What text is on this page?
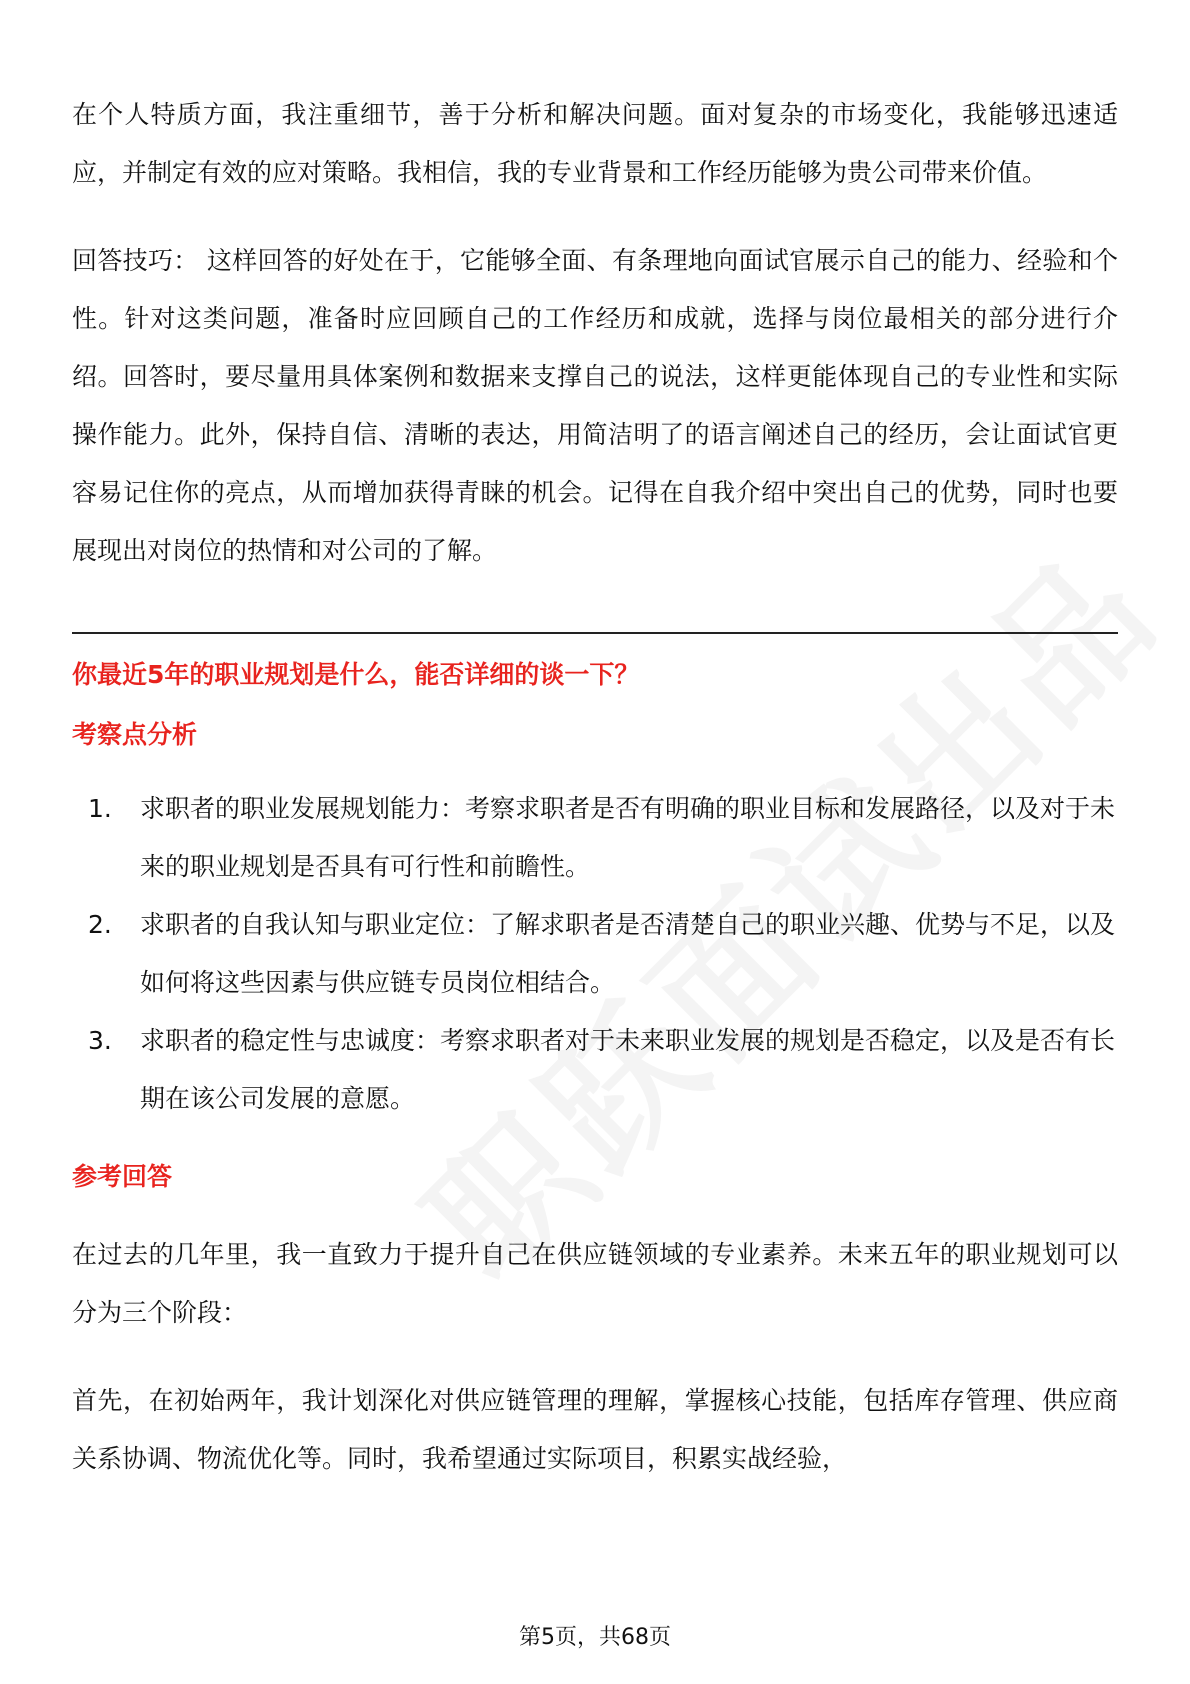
在个人特质方面，我注重细节，善于分析和解决问题。面对复杂的市场变化，我能够迅速适应，并制定有效的应对策略。我相信，我的专业背景和工作经历能够为贵公司带来价值。

回答技巧： 这样回答的好处在于，它能够全面、有条理地向面试官展示自己的能力、经验和个性。针对这类问题，准备时应回顾自己的工作经历和成就，选择与岗位最相关的部分进行介绍。回答时，要尽量用具体案例和数据来支撑自己的说法，这样更能体现自己的专业性和实际操作能力。此外，保持自信、清晰的表达，用简洁明了的语言阐述自己的经历，会让面试官更容易记住你的亮点，从而增加获得青睐的机会。记得在自我介绍中突出自己的优势，同时也要展现出对岗位的热情和对公司的了解。

你最近5年的职业规划是什么，能否详细的谈一下？

考察点分析

1.	求职者的职业发展规划能力：考察求职者是否有明确的职业目标和发展路径，以及对于未来的职业规划是否具有可行性和前瞻性。
2.	求职者的自我认知与职业定位：了解求职者是否清楚自己的职业兴趣、优势与不足，以及如何将这些因素与供应链专员岗位相结合。
3.	求职者的稳定性与忠诚度：考察求职者对于未来职业发展的规划是否稳定，以及是否有长期在该公司发展的意愿。

参考回答

在过去的几年里，我一直致力于提升自己在供应链领域的专业素养。未来五年的职业规划可以分为三个阶段：

首先，在初始两年，我计划深化对供应链管理的理解，掌握核心技能，包括库存管理、供应商关系协调、物流优化等。同时，我希望通过实际项目，积累实战经验，

第5页，共68页
